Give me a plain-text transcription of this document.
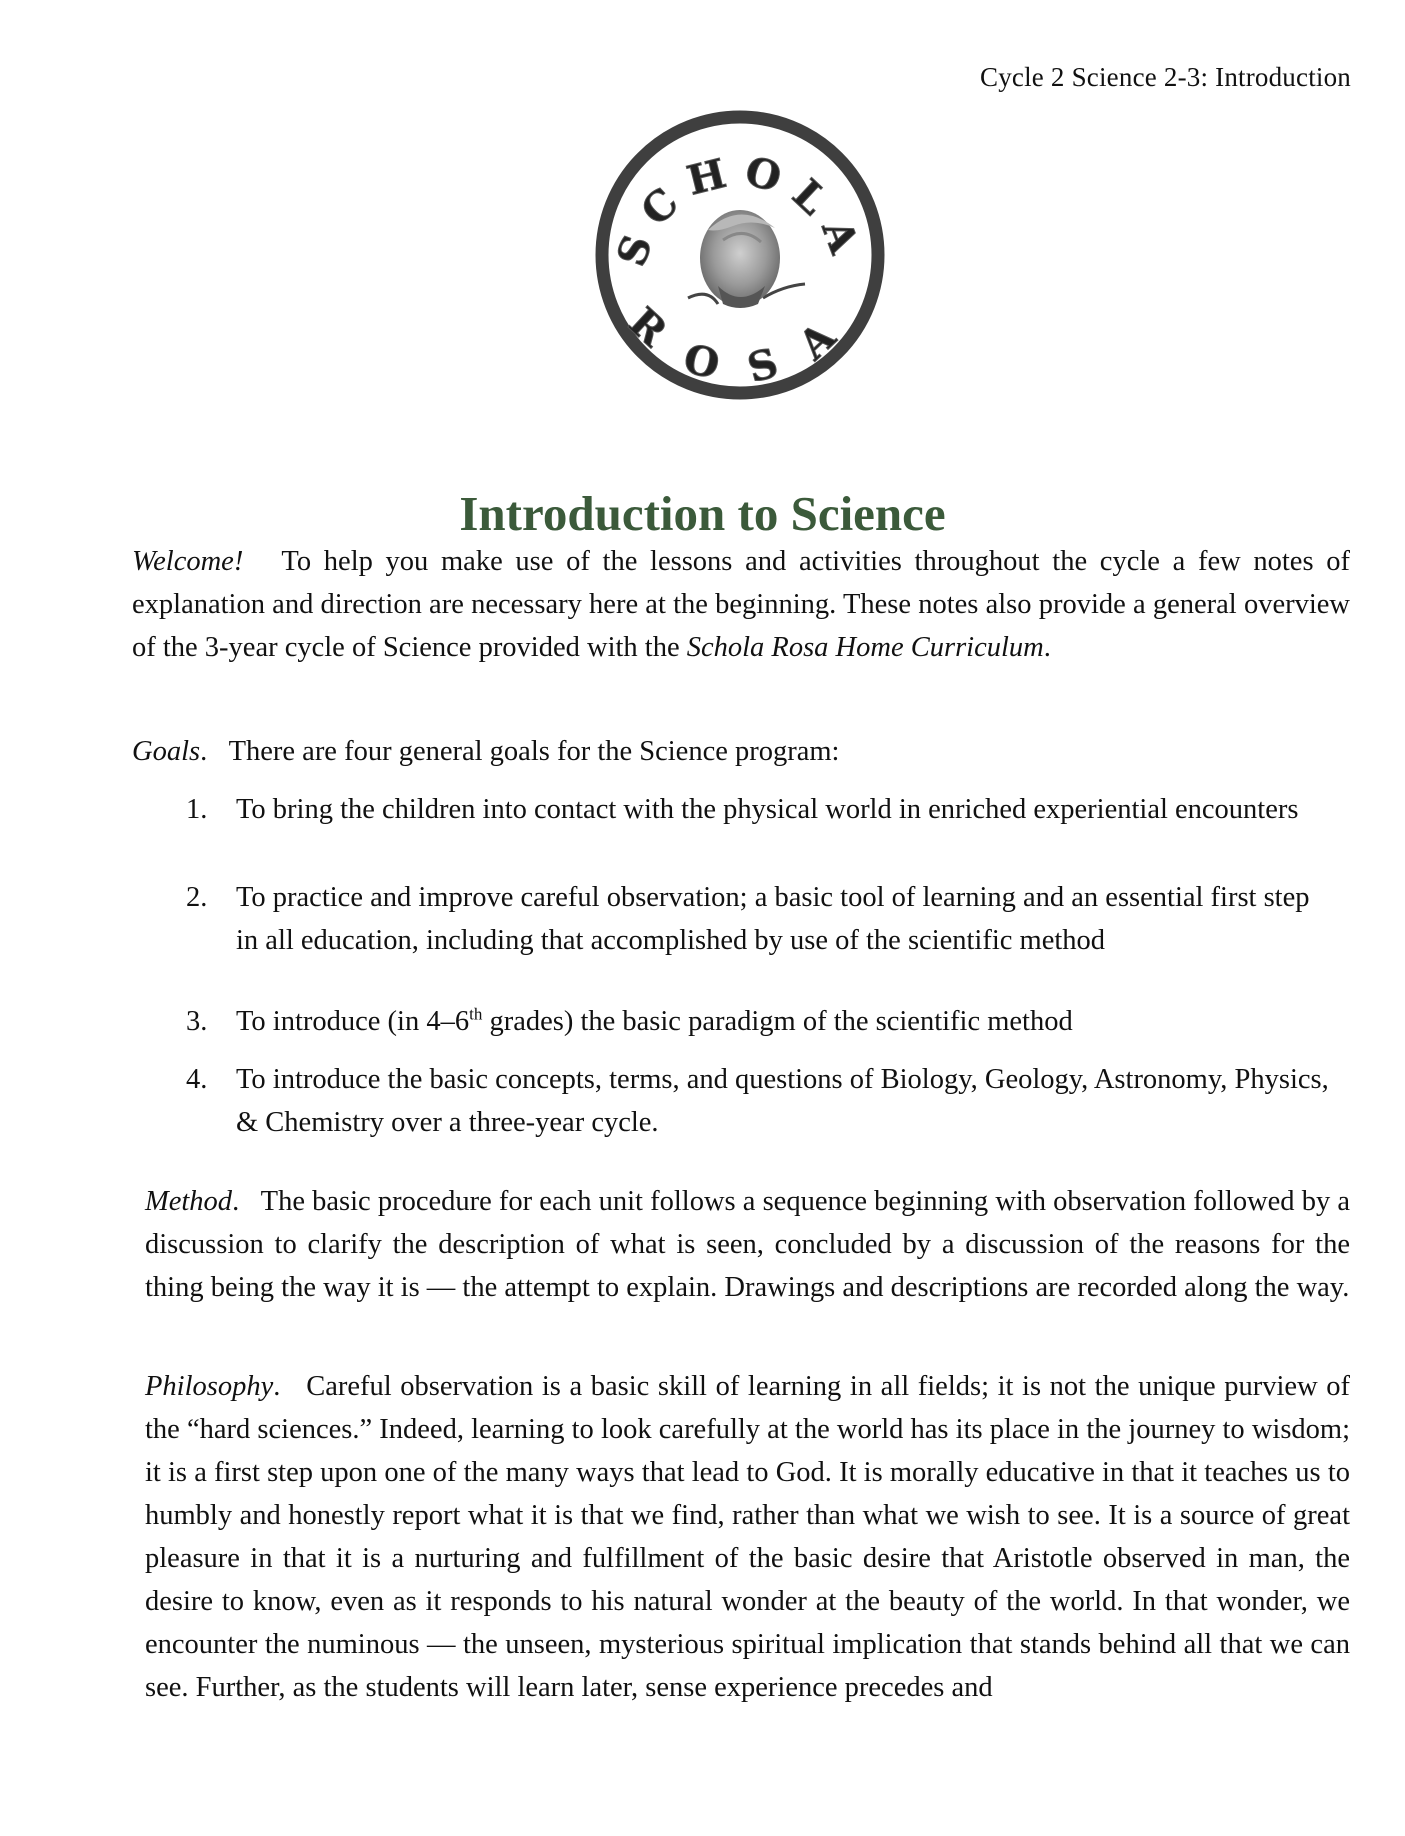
Cycle 2 Science 2-3: Introduction
SCHOLA
ROSA
Introduction to Science

Welcome! To help you make use of the lessons and activities throughout the cycle a few notes of explanation and direction are necessary here at the beginning. These notes also provide a general overview of the 3-year cycle of Science provided with the Schola Rosa Home Curriculum.

Goals. There are four general goals for the Science program:

1.	To bring the children into contact with the physical world in enriched experiential encounters
2.	To practice and improve careful observation; a basic tool of learning and an essential first step in all education, including that accomplished by use of the scientific method
3.	To introduce (in 4–6th grades) the basic paradigm of the scientific method
4.	To introduce the basic concepts, terms, and questions of Biology, Geology, Astronomy, Physics, & Chemistry over a three-year cycle.

Method. The basic procedure for each unit follows a sequence beginning with observation followed by a discussion to clarify the description of what is seen, concluded by a discussion of the reasons for the thing being the way it is — the attempt to explain. Drawings and descriptions are recorded along the way.

Philosophy. Careful observation is a basic skill of learning in all fields; it is not the unique purview of the “hard sciences.” Indeed, learning to look carefully at the world has its place in the journey to wisdom; it is a first step upon one of the many ways that lead to God. It is morally educative in that it teaches us to humbly and honestly report what it is that we find, rather than what we wish to see. It is a source of great pleasure in that it is a nurturing and fulfillment of the basic desire that Aristotle observed in man, the desire to know, even as it responds to his natural wonder at the beauty of the world. In that wonder, we encounter the numinous — the unseen, mysterious spiritual implication that stands behind all that we can see. Further, as the students will learn later, sense experience precedes and
